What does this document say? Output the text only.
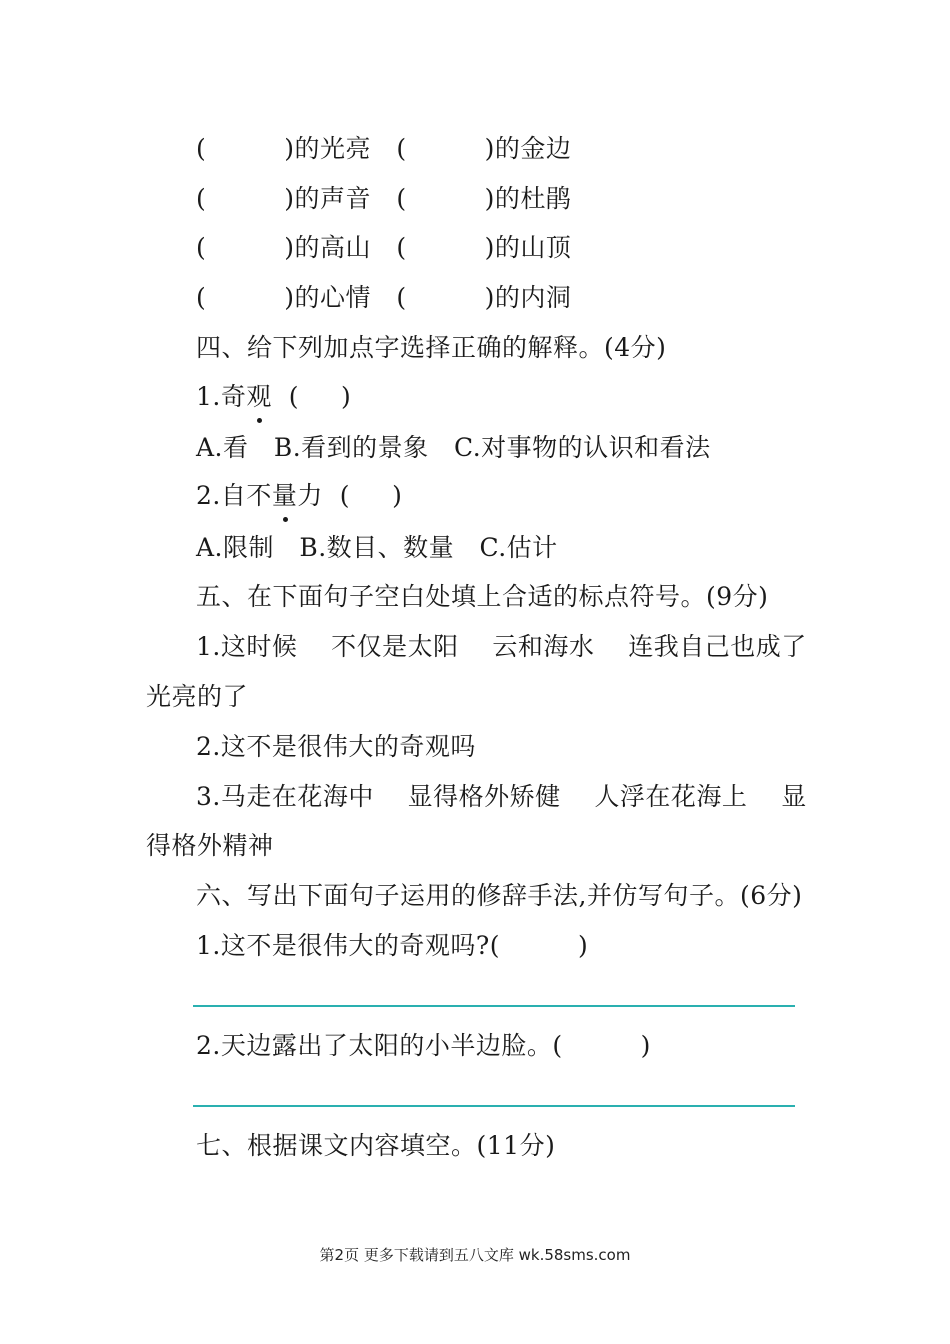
(	)的光亮   (	)的金边
(	)的声音   (	)的杜鹃
(	)的高山   (	)的山顶
(	)的心情   (	)的内洞
四、给下列加点字选择正确的解释。(4分)
1.奇观  ( )
A.看   B.看到的景象   C.对事物的认识和看法
2.自不量力  ( )
A.限制   B.数目、数量   C.估计
五、在下面句子空白处填上合适的标点符号。(9分)
1.这时候    不仅是太阳    云和海水    连我自己也成了
光亮的了
2.这不是很伟大的奇观吗
3.马走在花海中    显得格外矫健    人浮在花海上    显
得格外精神
六、写出下面句子运用的修辞手法,并仿写句子。(6分)
1.这不是很伟大的奇观吗?(	)
2.天边露出了太阳的小半边脸。(	)
七、根据课文内容填空。(11分)
第2页 更多下载请到五八文库 wk.58sms.com
